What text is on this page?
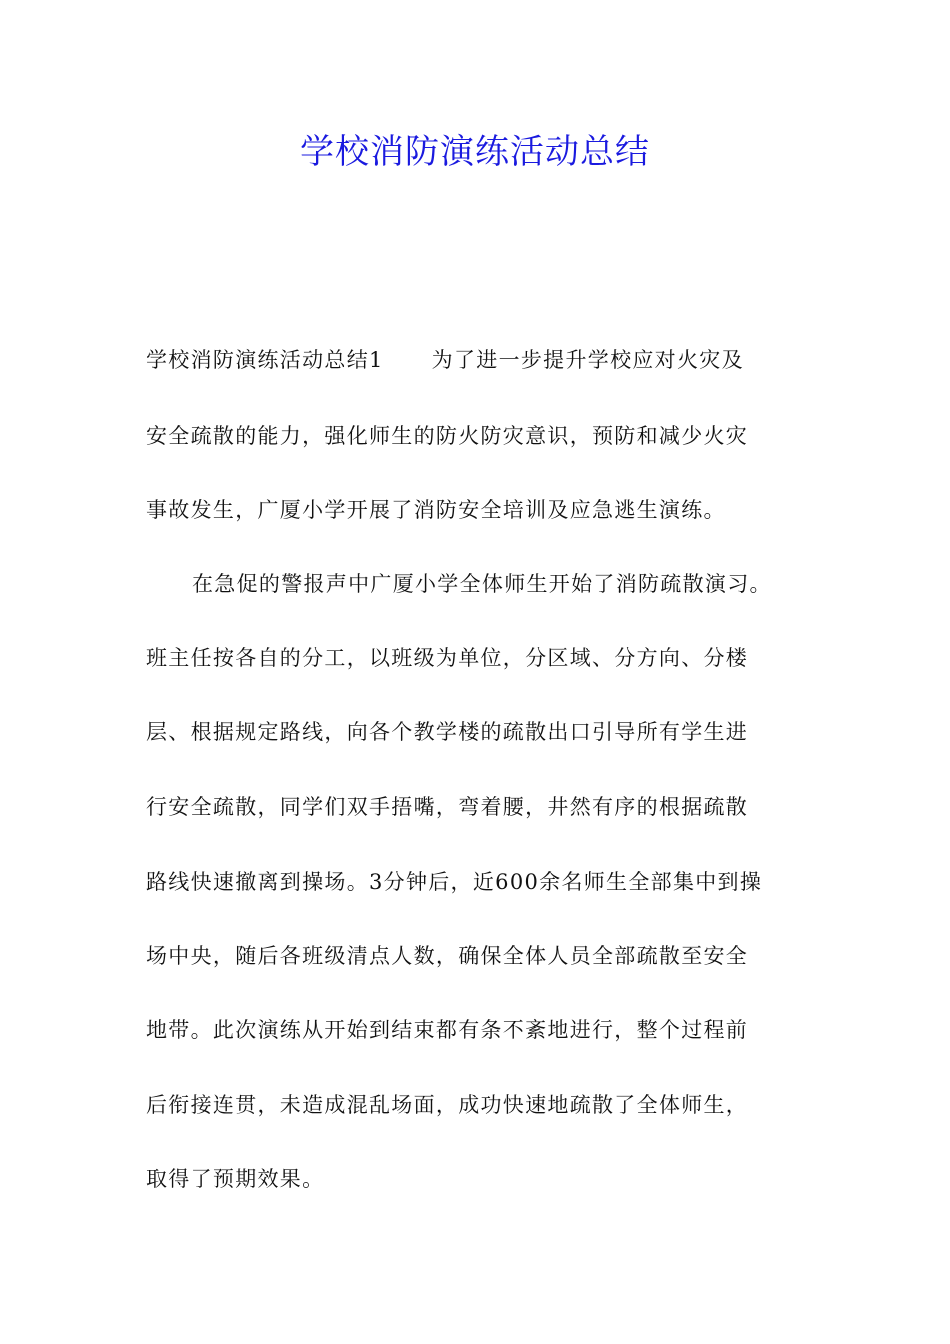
学校消防演练活动总结
学校消防演练活动总结1 为了进一步提升学校应对火灾及
安全疏散的能力，强化师生的防火防灾意识，预防和减少火灾
事故发生，广厦小学开展了消防安全培训及应急逃生演练。
在急促的警报声中广厦小学全体师生开始了消防疏散演习。
班主任按各自的分工，以班级为单位，分区域、分方向、分楼
层、根据规定路线，向各个教学楼的疏散出口引导所有学生进
行安全疏散，同学们双手捂嘴，弯着腰，井然有序的根据疏散
路线快速撤离到操场。3分钟后，近600余名师生全部集中到操
场中央，随后各班级清点人数，确保全体人员全部疏散至安全
地带。此次演练从开始到结束都有条不紊地进行，整个过程前
后衔接连贯，未造成混乱场面，成功快速地疏散了全体师生，
取得了预期效果。
